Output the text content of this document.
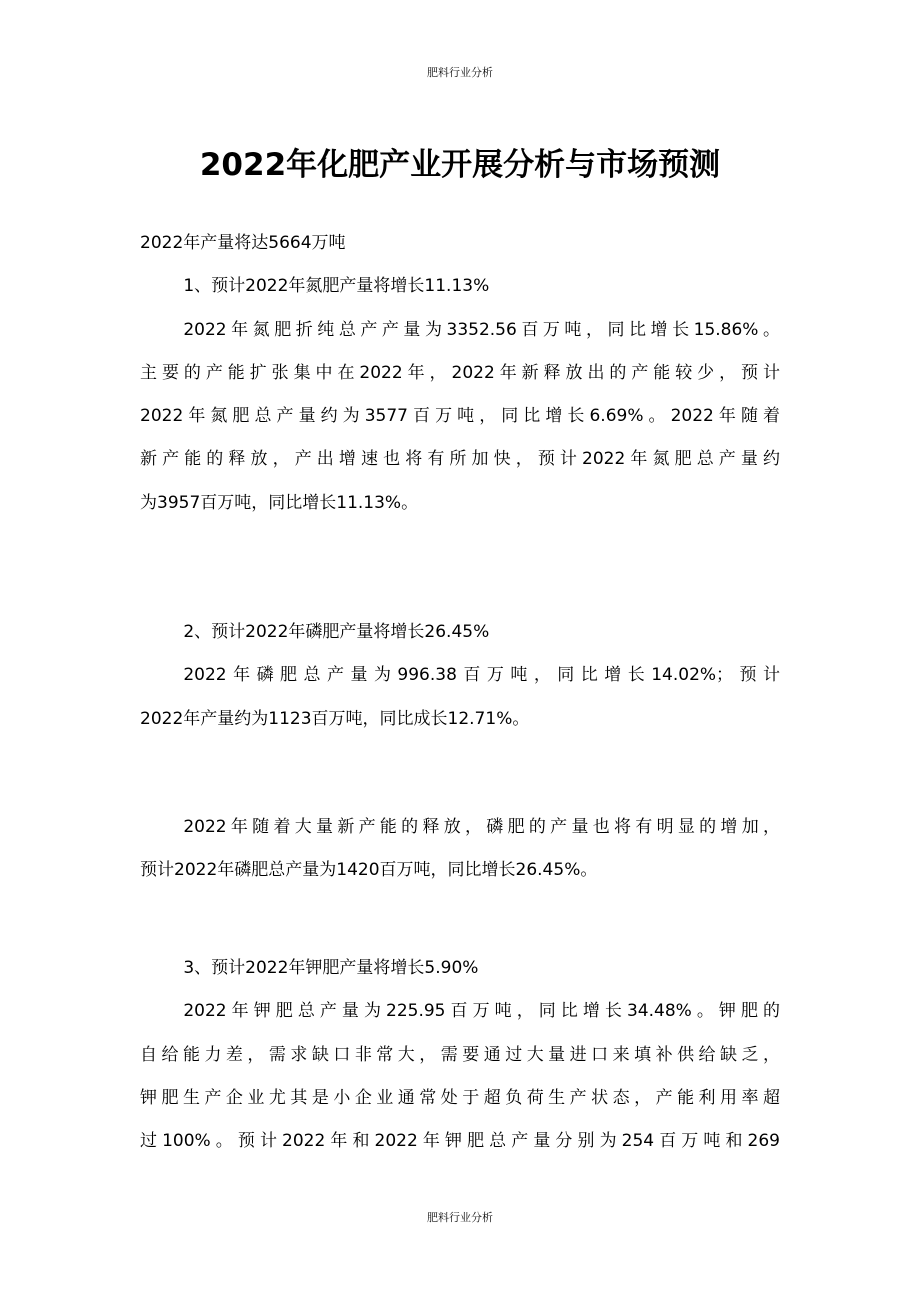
肥料行业分析
2022年化肥产业开展分析与市场预测

2022年产量将达5664万吨

1、预计2022年氮肥产量将增长11.13%

2022年氮肥折纯总产产量为3352.56百万吨，同比增长15.86%。
主要的产能扩张集中在2022年，2022年新释放出的产能较少，预计
2022年氮肥总产量约为3577百万吨，同比增长6.69%。2022年随着
新产能的释放，产出增速也将有所加快，预计2022年氮肥总产量约
为3957百万吨，同比增长11.13%。

2、预计2022年磷肥产量将增长26.45%

2022年磷肥总产量为996.38百万吨，同比增长14.02%；预计
2022年产量约为1123百万吨，同比成长12.71%。

2022年随着大量新产能的释放，磷肥的产量也将有明显的增加，
预计2022年磷肥总产量为1420百万吨，同比增长26.45%。

3、预计2022年钾肥产量将增长5.90%

2022年钾肥总产量为225.95百万吨，同比增长34.48%。钾肥的
自给能力差，需求缺口非常大，需要通过大量进口来填补供给缺乏，
钾肥生产企业尤其是小企业通常处于超负荷生产状态，产能利用率超
过100%。预计2022年和2022年钾肥总产量分别为254百万吨和269

肥料行业分析
